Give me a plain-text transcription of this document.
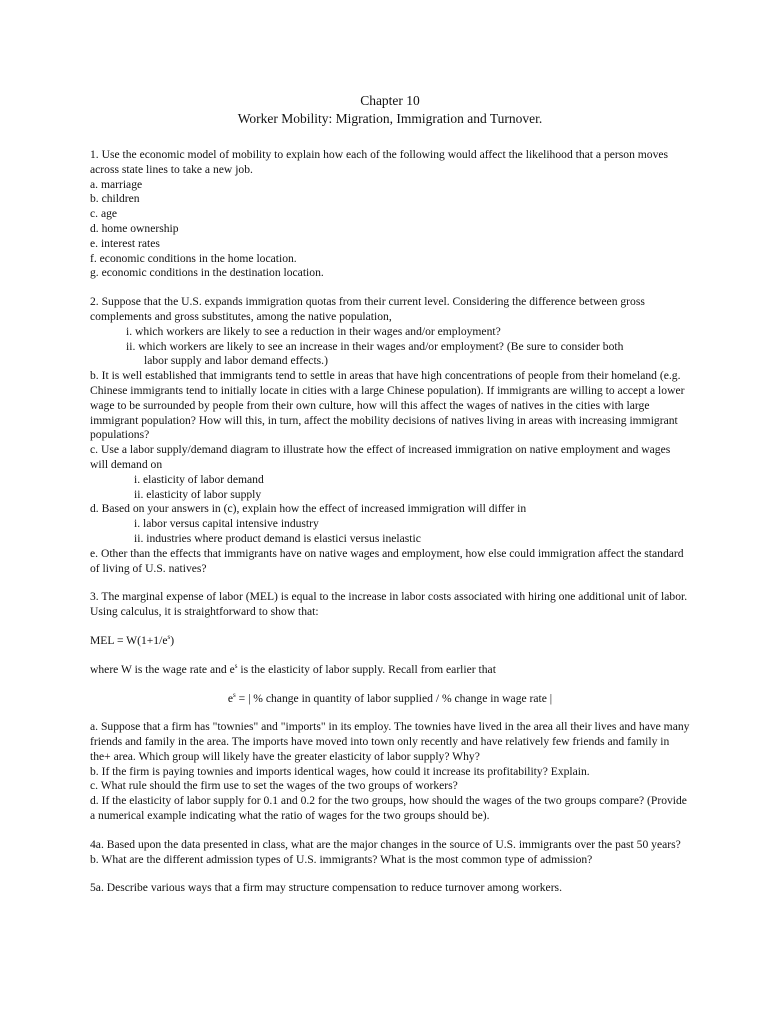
Chapter 10

Worker Mobility: Migration, Immigration and Turnover.

1. Use the economic model of mobility to explain how each of the following would affect the likelihood that a person moves across state lines to take a new job.

a. marriage

b. children

c. age

d. home ownership

e. interest rates

f. economic conditions in the home location.

g. economic conditions in the destination location.

2. Suppose that the U.S. expands immigration quotas from their current level. Considering the difference between gross complements and gross substitutes, among the native population,

i. which workers are likely to see a reduction in their wages and/or employment?

ii. which workers are likely to see an increase in their wages and/or employment? (Be sure to consider both

labor supply and labor demand effects.)

b. It is well established that immigrants tend to settle in areas that have high concentrations of people from their homeland (e.g. Chinese immigrants tend to initially locate in cities with a large Chinese population). If immigrants are willing to accept a lower wage to be surrounded by people from their own culture, how will this affect the wages of natives in the cities with large immigrant population? How will this, in turn, affect the mobility decisions of natives living in areas with increasing immigrant populations?

c. Use a labor supply/demand diagram to illustrate how the effect of increased immigration on native employment and wages will demand on

i. elasticity of labor demand

ii. elasticity of labor supply

d. Based on your answers in (c), explain how the effect of increased immigration will differ in

i. labor versus capital intensive industry

ii. industries where product demand is elastici versus inelastic

e. Other than the effects that immigrants have on native wages and employment, how else could immigration affect the standard of living of U.S. natives?

3. The marginal expense of labor (MEL) is equal to the increase in labor costs associated with hiring one additional unit of labor. Using calculus, it is straightforward to show that:

MEL = $W(1+1/e^s)$

where W is the wage rate and $e^s$ is the elasticity of labor supply. Recall from earlier that

$e^s$ = | % change in quantity of labor supplied / % change in wage rate |

a. Suppose that a firm has "townies" and "imports" in its employ. The townies have lived in the area all their lives and have many friends and family in the area. The imports have moved into town only recently and have relatively few friends and family in the+ area. Which group will likely have the greater elasticity of labor supply? Why?

b. If the firm is paying townies and imports identical wages, how could it increase its profitability? Explain.

c. What rule should the firm use to set the wages of the two groups of workers?

d. If the elasticity of labor supply for 0.1 and 0.2 for the two groups, how should the wages of the two groups compare? (Provide a numerical example indicating what the ratio of wages for the two groups should be).

4a. Based upon the data presented in class, what are the major changes in the source of U.S. immigrants over the past 50 years?

b. What are the different admission types of U.S. immigrants? What is the most common type of admission?

5a. Describe various ways that a firm may structure compensation to reduce turnover among workers.
